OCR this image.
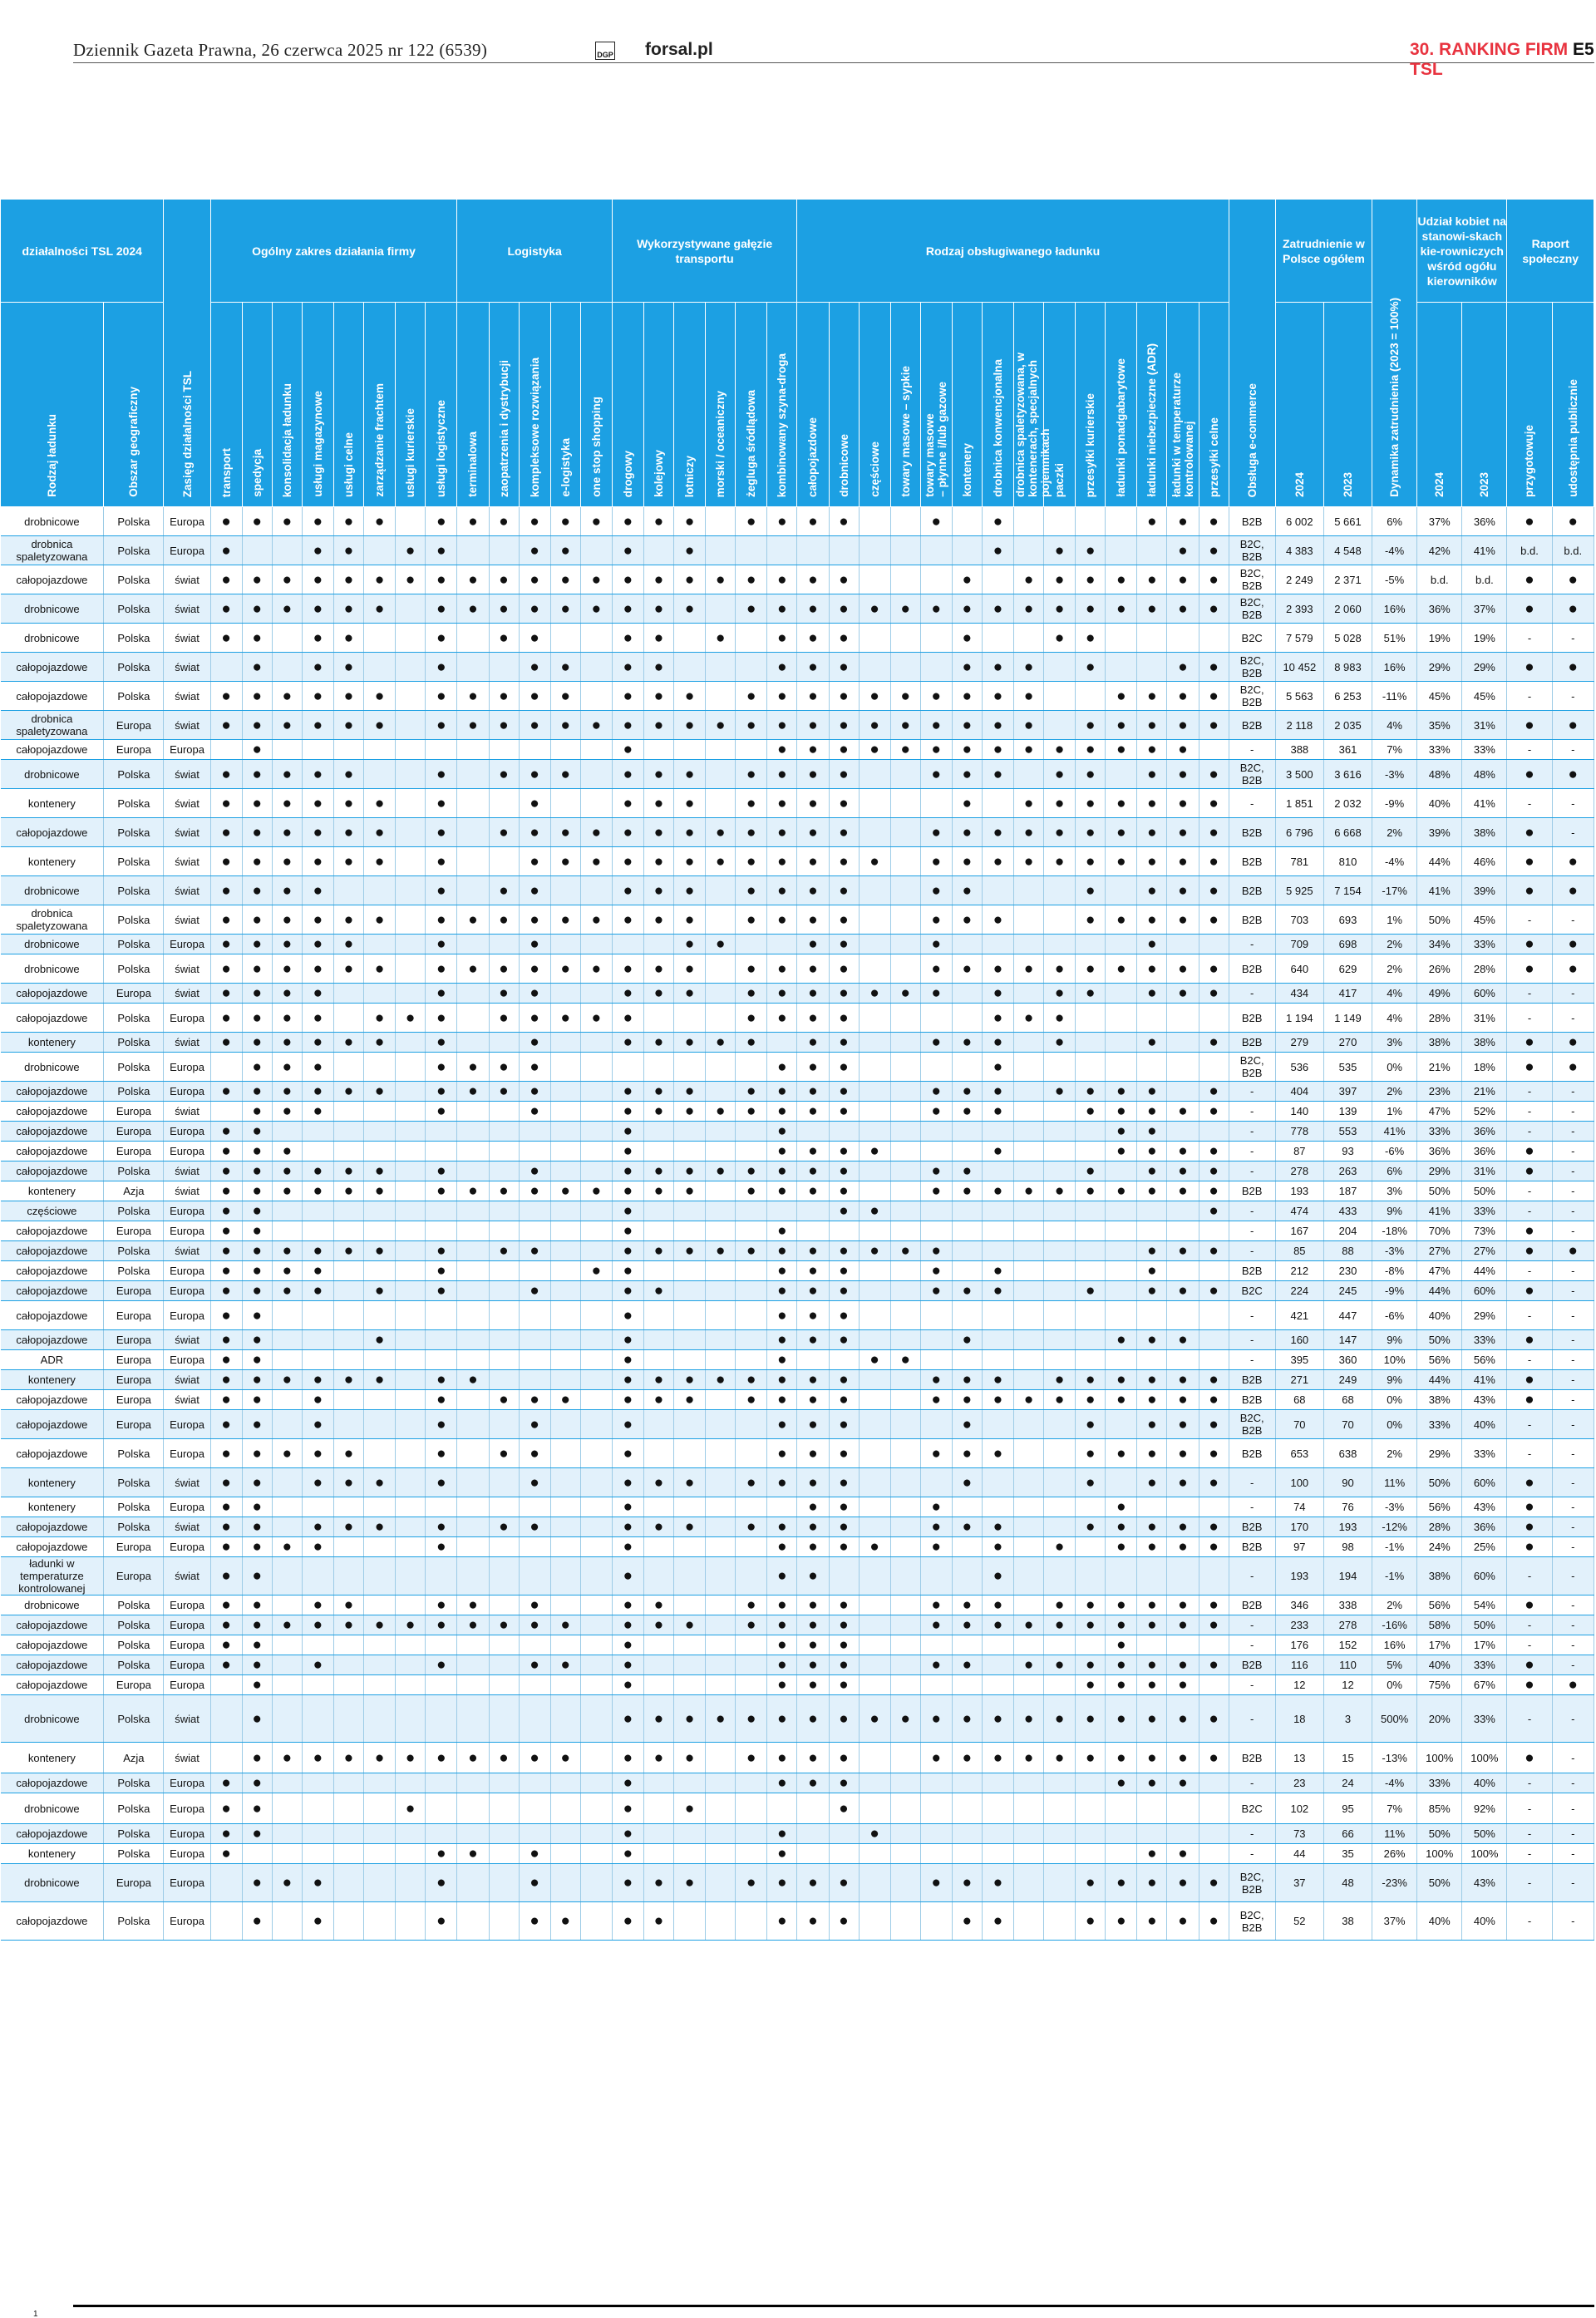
Dziennik Gazeta Prawna, 26 czerwca 2025 nr 122 (6539)	DGP forsal.pl	30. RANKING FIRM TSL
E5
działalności TSL 2024		Zasięg działalności TSL	Ogólny zakres działania firmy								Logistyka					Wykorzystywane gałęzie transportu						Rodzaj obsługiwanego ładunku														Obsługa e-commerce	Zatrudnienie w Polsce ogółem		Dynamika zatrudnienia (2023 = 100%)	Udział kobiet na stanowi-skach kie-rowniczych wśród ogółu kierowników		Raport społeczny	
Rodzaj ładunku	Obszar geograficzny		transport	spedycja	konsolidacja ładunku	usługi magazynowe	usługi celne	zarządzanie frachtem	usługi kurierskie	usługi logistyczne	terminalowa	zaopatrzenia i dystrybucji	kompleksowe rozwiązania	e-logistyka	one stop shopping	drogowy	kolejowy	lotniczy	morski / oceaniczny	żegluga śródlądowa	kombinowany szyna-droga	całopojazdowe	drobnicowe	częściowe	towary masowe – sypkie	towary masowe
– płynne i/lub gazowe	kontenery	drobnica konwencjonalna	drobnica spaletyzowana, w
kontenerach, specjalnych
pojemnikach	paczki	przesyłki kurierskie	ładunki ponadgabarytowe	ładunki niebezpieczne (ADR)	ładunki w temperaturze
kontrolowanej	przesyłki celne		2024	2023		2024	2023	przygotowuje	udostępnia publicznie
drobnicowe	Polska	Europa	●	●	●	●	●	●		●	●	●	●	●	●	●	●	●		●	●	●	●			●		●					●	●	●	B2B	6 002	5 661	6%	37%	36%	●	●
drobnica
spaletyzowana	Polska	Europa	●			●	●		●	●			●	●		●		●										●		●	●			●	●	B2C,
B2B	4 383	4 548	-4%	42%	41%	b.d.	b.d.
całopojazdowe	Polska	świat	●	●	●	●	●	●	●	●	●	●	●	●	●	●	●	●	●	●	●	●	●				●		●	●	●	●	●	●	●	B2C,
B2B	2 249	2 371	-5%	b.d.	b.d.	●	●
drobnicowe	Polska	świat	●	●	●	●	●	●		●	●	●	●	●	●	●	●	●		●	●	●	●	●	●	●	●	●	●	●	●	●	●	●	●	B2C,
B2B	2 393	2 060	16%	36%	37%	●	●
drobnicowe	Polska	świat	●	●		●	●			●		●	●			●	●		●		●	●	●				●			●	●					B2C	7 579	5 028	51%	19%	19%	-	-
całopojazdowe	Polska	świat		●		●	●			●			●	●		●	●				●	●	●				●	●	●		●			●	●	B2C,
B2B	10 452	8 983	16%	29%	29%	●	●
całopojazdowe	Polska	świat	●	●	●	●	●	●		●	●	●	●	●		●	●	●		●	●	●	●	●	●	●	●	●	●			●	●	●	●	B2C,
B2B	5 563	6 253	-11%	45%	45%	-	-
drobnica
spaletyzowana	Europa	świat	●	●	●	●	●	●		●	●	●	●	●	●	●	●	●	●	●	●	●	●	●	●	●	●	●	●		●	●	●	●	●	B2B	2 118	2 035	4%	35%	31%	●	●
całopojazdowe	Europa	Europa		●												●					●	●	●	●	●	●	●	●	●	●	●	●	●	●		-	388	361	7%	33%	33%	-	-
drobnicowe	Polska	świat	●	●	●	●	●			●		●	●	●		●	●	●		●	●	●	●			●	●	●		●	●		●	●	●	B2C,
B2B	3 500	3 616	-3%	48%	48%	●	●
kontenery	Polska	świat	●	●	●	●	●	●		●			●			●	●	●		●	●	●	●				●		●	●	●	●	●	●	●	-	1 851	2 032	-9%	40%	41%	-	-
całopojazdowe	Polska	świat	●	●	●	●	●	●		●		●	●	●	●	●	●	●	●	●	●	●	●			●	●	●	●	●	●	●	●	●	●	B2B	6 796	6 668	2%	39%	38%	●	-
kontenery	Polska	świat	●	●	●	●	●	●		●			●	●	●	●	●	●	●	●	●	●	●	●		●	●	●	●	●	●	●	●	●	●	B2B	781	810	-4%	44%	46%	●	●
drobnicowe	Polska	świat	●	●	●	●				●		●	●			●	●	●		●	●	●	●			●	●				●		●	●	●	B2B	5 925	7 154	-17%	41%	39%	●	●
drobnica
spaletyzowana	Polska	świat	●	●	●	●	●	●		●	●	●	●	●	●	●	●	●		●	●	●	●			●	●	●			●	●	●	●	●	B2B	703	693	1%	50%	45%	-	-
drobnicowe	Polska	Europa	●	●	●	●	●			●			●					●	●			●	●			●							●			-	709	698	2%	34%	33%	●	●
drobnicowe	Polska	świat	●	●	●	●	●	●		●	●	●	●	●	●	●	●	●		●	●	●	●			●	●	●	●	●	●	●	●	●	●	B2B	640	629	2%	26%	28%	●	●
całopojazdowe	Europa	świat	●	●	●	●				●		●	●			●	●	●		●	●	●	●	●	●	●		●		●	●		●	●	●	-	434	417	4%	49%	60%	-	-
całopojazdowe	Polska	Europa	●	●	●	●		●	●	●		●	●	●	●	●				●	●	●	●					●	●	●						B2B	1 194	1 149	4%	28%	31%	-	-
kontenery	Polska	świat	●	●	●	●	●	●		●			●			●	●	●	●	●		●	●			●	●	●		●			●		●	B2B	279	270	3%	38%	38%	●	●
drobnicowe	Polska	Europa		●	●	●				●	●	●	●								●	●	●					●								B2C,
B2B	536	535	0%	21%	18%	●	●
całopojazdowe	Polska	Europa	●	●	●	●	●	●		●	●	●	●			●	●	●		●	●	●	●			●	●	●		●	●	●	●		●	-	404	397	2%	23%	21%	-	-
całopojazdowe	Europa	świat		●	●	●				●			●			●	●	●	●	●	●	●	●			●	●	●			●	●	●	●	●	-	140	139	1%	47%	52%	-	-
całopojazdowe	Europa	Europa	●	●												●					●											●	●			-	778	553	41%	33%	36%	-	-
całopojazdowe	Europa	Europa	●	●	●											●					●	●	●	●				●				●	●	●	●	-	87	93	-6%	36%	36%	●	-
całopojazdowe	Polska	świat	●	●	●	●	●	●		●			●			●	●	●	●	●	●	●	●			●	●				●		●	●	●	-	278	263	6%	29%	31%	●	-
kontenery	Azja	świat	●	●	●	●	●	●		●	●	●	●	●	●	●	●	●		●	●	●	●			●	●	●	●	●	●	●	●	●	●	B2B	193	187	3%	50%	50%	-	-
częściowe	Polska	Europa	●	●												●							●	●											●	-	474	433	9%	41%	33%	-	-
całopojazdowe	Europa	Europa	●	●												●					●															-	167	204	-18%	70%	73%	●	-
całopojazdowe	Polska	świat	●	●	●	●	●	●		●		●	●			●	●	●	●	●	●	●	●	●	●	●							●	●	●	-	85	88	-3%	27%	27%	●	●
całopojazdowe	Polska	Europa	●	●	●	●				●					●	●					●	●	●			●		●					●			B2B	212	230	-8%	47%	44%	-	-
całopojazdowe	Europa	Europa	●	●	●	●		●		●			●			●	●				●	●	●			●	●	●			●		●	●	●	B2C	224	245	-9%	44%	60%	●	-
całopojazdowe	Europa	Europa	●	●												●					●	●	●													-	421	447	-6%	40%	29%	-	-
całopojazdowe	Europa	świat	●	●				●								●					●	●	●				●					●	●	●		-	160	147	9%	50%	33%	●	-
ADR	Europa	Europa	●	●												●					●			●	●											-	395	360	10%	56%	56%	-	-
kontenery	Europa	świat	●	●	●	●	●	●		●	●					●	●	●	●	●	●	●	●			●	●	●		●	●	●	●	●	●	B2B	271	249	9%	44%	41%	●	-
całopojazdowe	Europa	świat	●	●		●				●		●	●	●		●	●	●		●	●	●	●			●	●	●	●	●	●	●	●	●	●	B2B	68	68	0%	38%	43%	●	-
całopojazdowe	Europa	Europa	●	●		●				●			●			●					●	●	●				●				●		●	●	●	B2C,
B2B	70	70	0%	33%	40%	-	-
całopojazdowe	Polska	Europa	●	●	●	●	●			●		●	●			●					●	●	●			●	●	●			●	●	●	●	●	B2B	653	638	2%	29%	33%	-	-
kontenery	Polska	świat	●	●		●	●	●		●			●			●	●	●		●	●	●	●				●				●		●	●	●	-	100	90	11%	50%	60%	●	-
kontenery	Polska	Europa	●	●												●						●	●			●						●				-	74	76	-3%	56%	43%	●	-
całopojazdowe	Polska	świat	●	●		●	●	●		●		●	●			●	●	●		●	●	●	●			●	●	●			●	●	●	●	●	B2B	170	193	-12%	28%	36%	●	-
całopojazdowe	Europa	Europa	●	●	●	●				●						●					●	●	●	●		●		●		●		●	●	●	●	B2B	97	98	-1%	24%	25%	●	-
ładunki w
temperaturze
kontrolowanej	Europa	świat	●	●												●					●	●						●								-	193	194	-1%	38%	60%	-	-
drobnicowe	Polska	Europa	●	●		●	●			●	●		●			●	●			●	●	●	●			●	●	●		●	●	●	●	●	●	B2B	346	338	2%	56%	54%	●	-
całopojazdowe	Polska	Europa	●	●	●	●	●	●	●	●	●	●	●	●		●	●	●		●	●	●	●			●	●	●	●	●	●	●	●	●	●	-	233	278	-16%	58%	50%	-	-
całopojazdowe	Polska	Europa	●	●												●					●	●	●									●				-	176	152	16%	17%	17%	-	-
całopojazdowe	Polska	Europa	●	●		●				●			●	●		●					●	●	●			●	●		●	●	●	●	●	●	●	B2B	116	110	5%	40%	33%	●	-
całopojazdowe	Europa	Europa		●												●					●	●	●								●	●	●	●		-	12	12	0%	75%	67%	●	●
drobnicowe	Polska	świat		●												●	●	●	●	●	●	●	●	●	●	●	●	●	●	●	●	●	●	●	●	-	18	3	500%	20%	33%	-	-
kontenery	Azja	świat		●	●	●	●	●	●	●	●	●	●	●		●	●	●		●	●	●	●			●	●	●	●	●	●	●	●	●	●	B2B	13	15	-13%	100%	100%	●	-
całopojazdowe	Polska	Europa	●	●												●					●	●	●									●	●	●		-	23	24	-4%	33%	40%	-	-
drobnicowe	Polska	Europa	●	●					●							●		●					●													B2C	102	95	7%	85%	92%	-	-
całopojazdowe	Polska	Europa	●	●												●					●			●												-	73	66	11%	50%	50%	-	-
kontenery	Polska	Europa	●							●	●		●			●					●												●	●		-	44	35	26%	100%	100%	-	-
drobnicowe	Europa	Europa		●	●	●				●			●			●	●	●		●	●	●	●			●	●	●			●	●	●	●	●	B2C,
B2B	37	48	-23%	50%	43%	-	-
całopojazdowe	Polska	Europa		●		●				●			●	●		●	●				●	●	●				●	●			●	●	●	●	●	B2C,
B2B	52	38	37%	40%	40%	-	-
1
